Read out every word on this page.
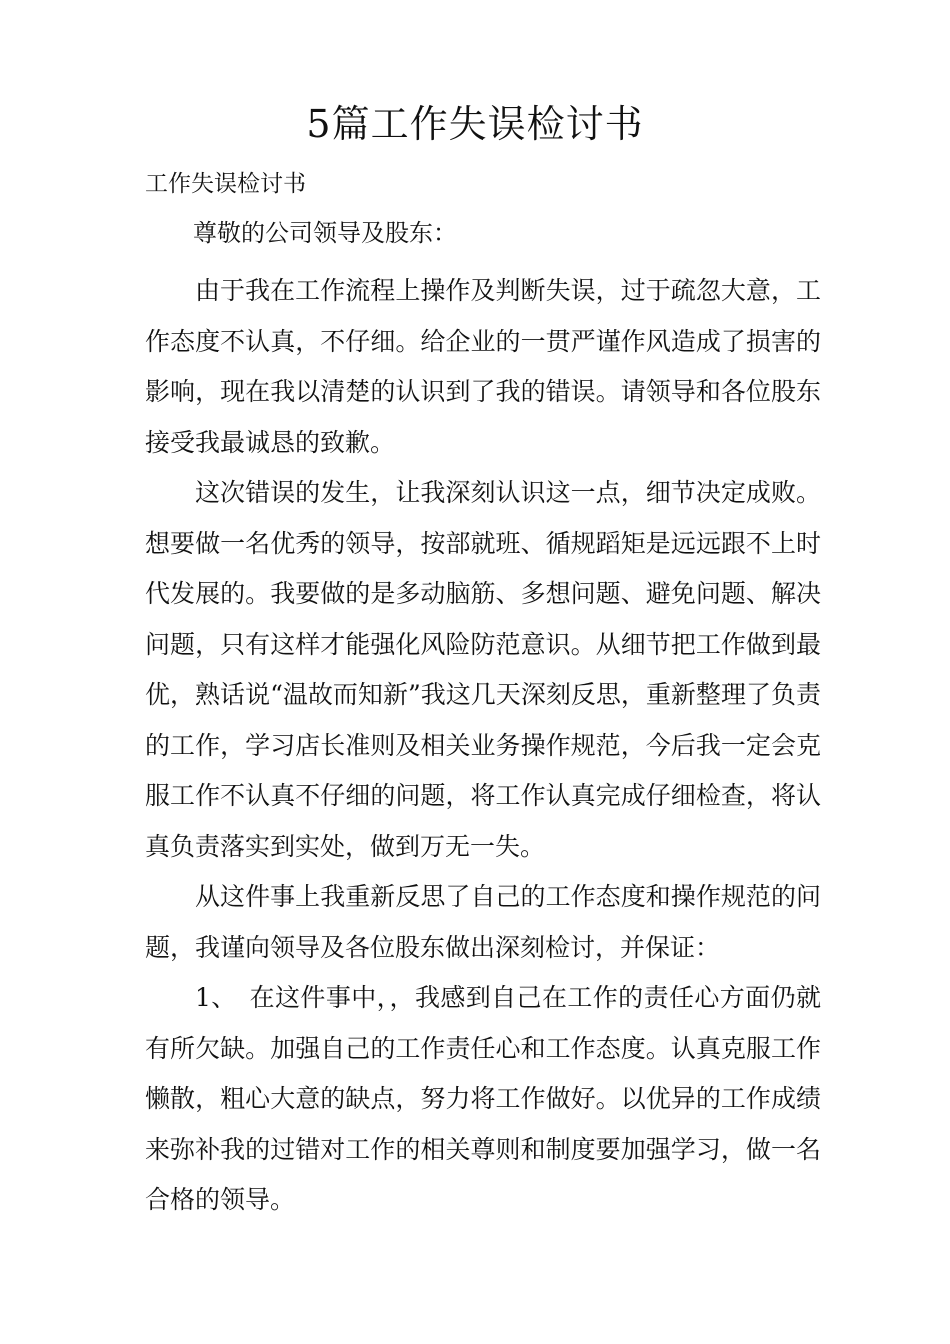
5篇工作失误检讨书
工作失误检讨书

尊敬的公司领导及股东：

由于我在工作流程上操作及判断失误，过于疏忽大意，工作态度不认真，不仔细。给企业的一贯严谨作风造成了损害的影响，现在我以清楚的认识到了我的错误。请领导和各位股东接受我最诚恳的致歉。

这次错误的发生，让我深刻认识这一点，细节决定成败。想要做一名优秀的领导，按部就班、循规蹈矩是远远跟不上时代发展的。我要做的是多动脑筋、多想问题、避免问题、解决问题，只有这样才能强化风险防范意识。从细节把工作做到最优，熟话说“温故而知新”我这几天深刻反思，重新整理了负责的工作，学习店长准则及相关业务操作规范，今后我一定会克服工作不认真不仔细的问题，将工作认真完成仔细检查，将认真负责落实到实处，做到万无一失。

从这件事上我重新反思了自己的工作态度和操作规范的问题，我谨向领导及各位股东做出深刻检讨，并保证：

1、　在这件事中，，我感到自己在工作的责任心方面仍就有所欠缺。加强自己的工作责任心和工作态度。认真克服工作懒散，粗心大意的缺点，努力将工作做好。以优异的工作成绩来弥补我的过错对工作的相关尊则和制度要加强学习，做一名合格的领导。
